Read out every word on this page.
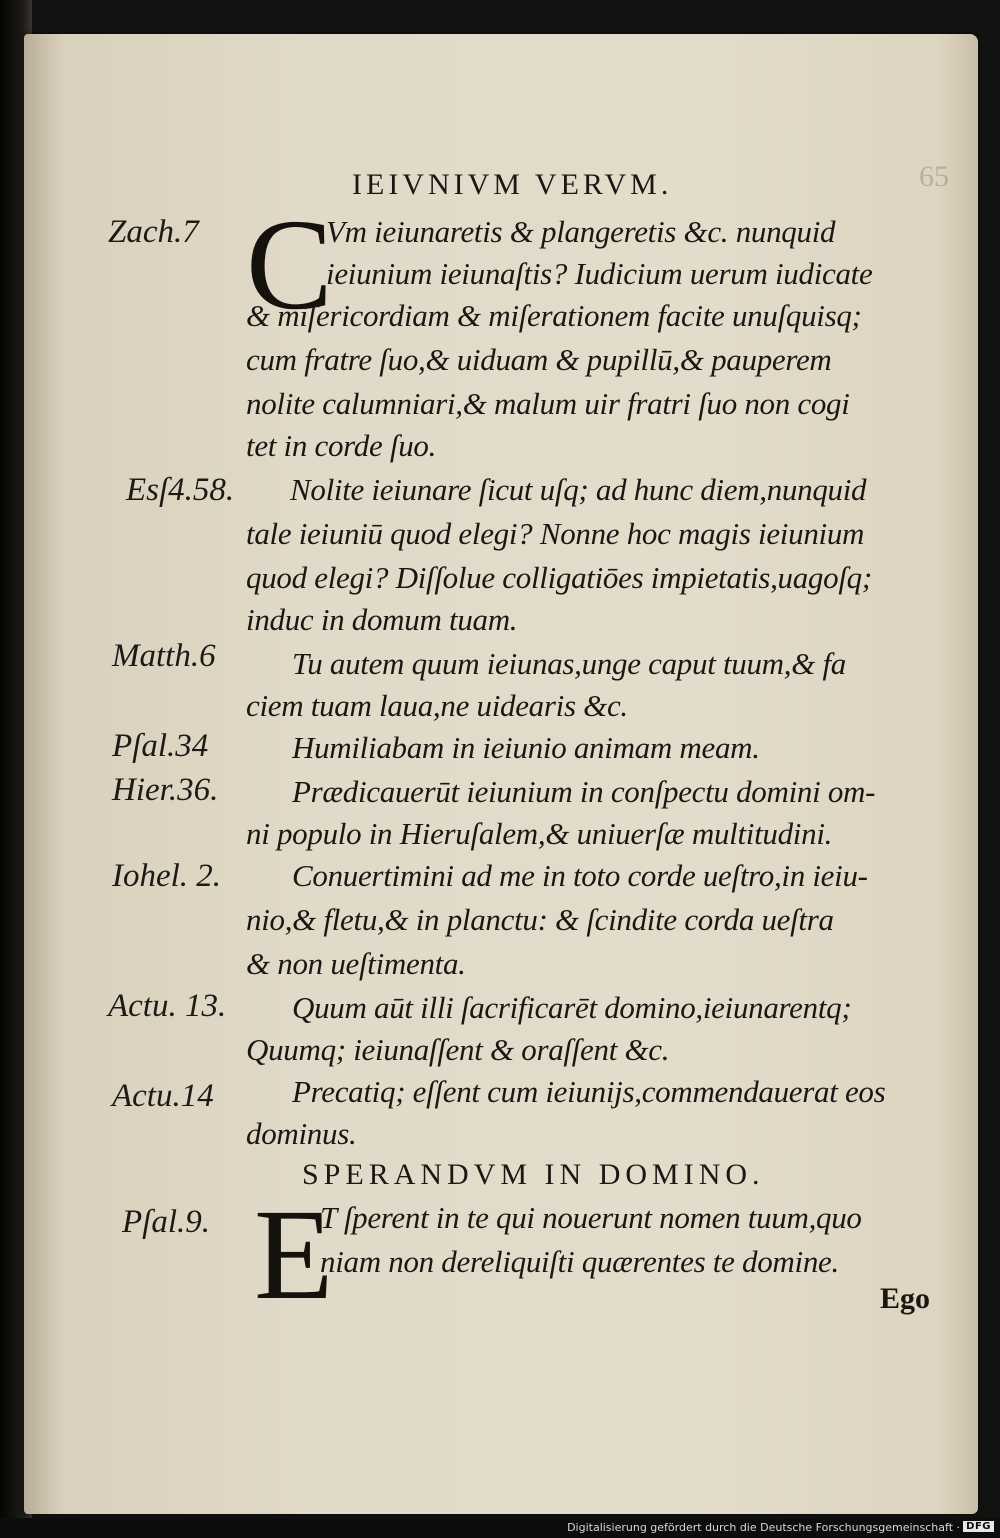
65
IEIVNIVM VERVM.
Zach.7 C
Vm ieiunaretis & plangeretis &c. nunquid
ieiunium ieiunaſtis? Iudicium uerum iudicate
& miſericordiam & miſerationem facite unuſquisq;
cum fratre ſuo,& uiduam & pupillū,& pauperem
nolite calumniari,& malum uir fratri ſuo non cogi
tet in corde ſuo.
Esſ4.58. Nolite ieiunare ſicut uſq; ad hunc diem,nunquid
tale ieiuniū quod elegi? Nonne hoc magis ieiunium
quod elegi? Diſſolue colligatiōes impietatis,uagoſq;
induc in domum tuam.
Matth.6 Tu autem quum ieiunas,unge caput tuum,& fa
ciem tuam laua,ne uidearis &c.
Pſal.34	Humiliabam in ieiunio animam meam.
Hier.36. Prædicauerūt ieiunium in conſpectu domini om-
ni populo in Hieruſalem,& uniuerſæ multitudini.
Iohel. 2. Conuertimini ad me in toto corde ueſtro,in ieiu-
nio,& fletu,& in planctu: & ſcindite corda ueſtra
& non ueſtimenta.
Actu. 13. Quum aūt illi ſacrificarēt domino,ieiunarentq;
Quumq; ieiunaſſent & oraſſent &c.
Actu.14	Precatiq; eſſent cum ieiunijs,commendauerat eos
dominus.
SPERANDVM IN DOMINO.
Pſal.9. E
T ſperent in te qui nouerunt nomen tuum,quo
niam non dereliquiſti quærentes te domine.
Ego
Digitalisierung gefördert durch die Deutsche Forschungsgemeinschaft · DFG
